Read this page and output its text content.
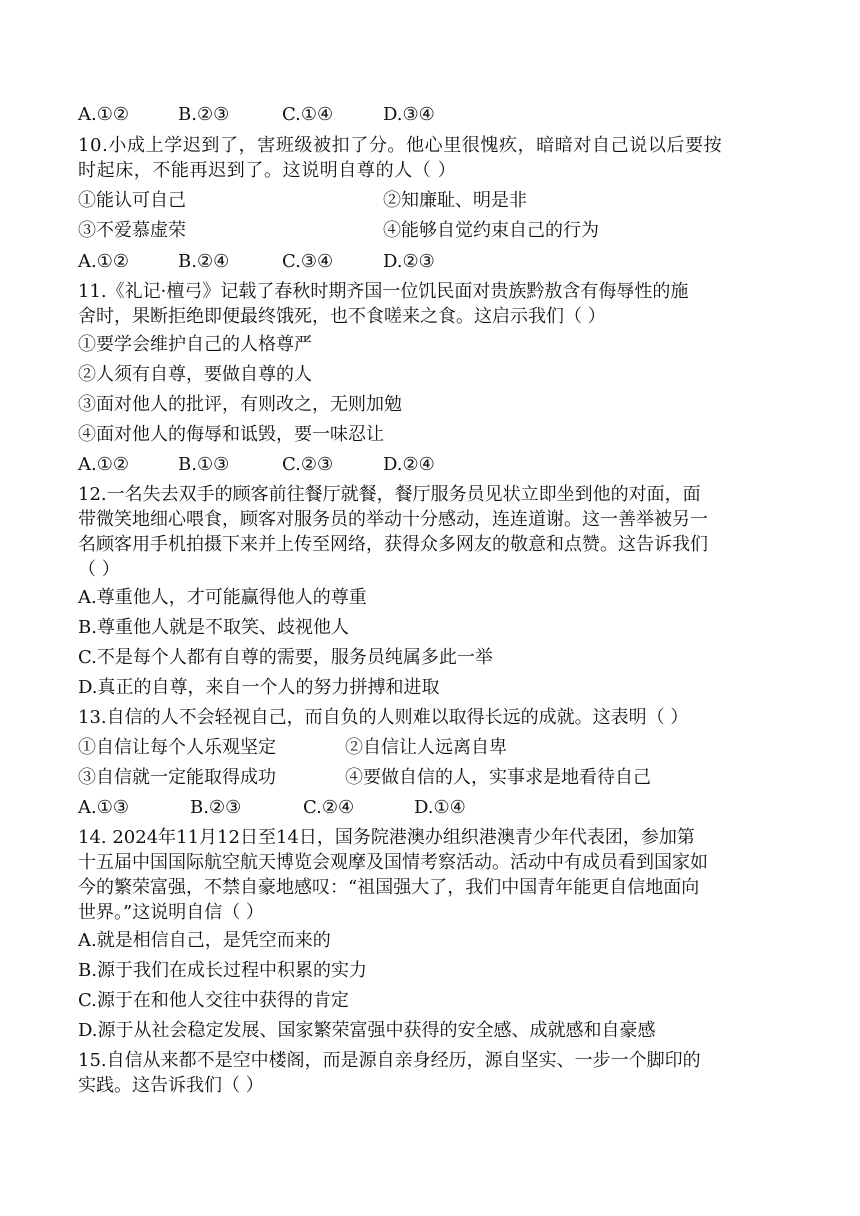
A.①②	B.②③	C.①④	D.③④
10.小成上学迟到了，害班级被扣了分。他心里很愧疚，暗暗对自己说以后要按
时起床，不能再迟到了。这说明自尊的人（ ）
①能认可自己	②知廉耻、明是非
③不爱慕虚荣	④能够自觉约束自己的行为
A.①②	B.②④	C.③④	D.②③
11.《礼记·檀弓》记载了春秋时期齐国一位饥民面对贵族黔敖含有侮辱性的施
舍时，果断拒绝即便最终饿死，也不食嗟来之食。这启示我们（ ）
①要学会维护自己的人格尊严
②人须有自尊，要做自尊的人
③面对他人的批评，有则改之，无则加勉
④面对他人的侮辱和诋毁，要一味忍让
A.①②	B.①③	C.②③	D.②④
12.一名失去双手的顾客前往餐厅就餐，餐厅服务员见状立即坐到他的对面，面
带微笑地细心喂食，顾客对服务员的举动十分感动，连连道谢。这一善举被另一
名顾客用手机拍摄下来并上传至网络，获得众多网友的敬意和点赞。这告诉我们
（ ）
A.尊重他人，才可能赢得他人的尊重
B.尊重他人就是不取笑、歧视他人
C.不是每个人都有自尊的需要，服务员纯属多此一举
D.真正的自尊，来自一个人的努力拼搏和进取
13.自信的人不会轻视自己，而自负的人则难以取得长远的成就。这表明（ ）
①自信让每个人乐观坚定	②自信让人远离自卑
③自信就一定能取得成功	④要做自信的人，实事求是地看待自己
A.①③	B.②③	C.②④	D.①④
14. 2024年11月12日至14日，国务院港澳办组织港澳青少年代表团，参加第
十五届中国国际航空航天博览会观摩及国情考察活动。活动中有成员看到国家如
今的繁荣富强，不禁自豪地感叹：“祖国强大了，我们中国青年能更自信地面向
世界。”这说明自信（ ）
A.就是相信自己，是凭空而来的
B.源于我们在成长过程中积累的实力
C.源于在和他人交往中获得的肯定
D.源于从社会稳定发展、国家繁荣富强中获得的安全感、成就感和自豪感
15.自信从来都不是空中楼阁，而是源自亲身经历，源自坚实、一步一个脚印的
实践。这告诉我们（ ）
